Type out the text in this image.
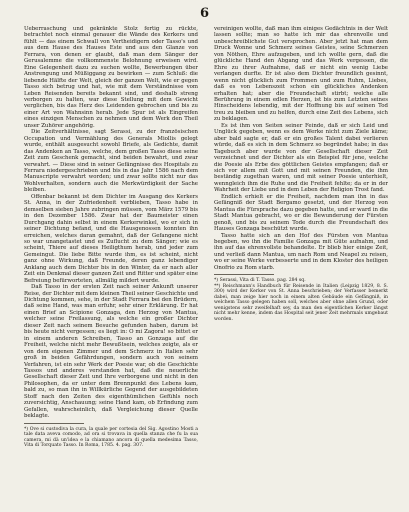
6

Ueberraschung und gekränkte Stolz fertig zu rückte, betrachtet noch einmal genauer die Wände des Kerkers und fühlt — das einem Schwall von Vertheidigern oder Tasso's und aus dem Hause des Hauses Este und aus den Glanze von Ferrara, von denen er glaubt, daß man dem Sänger der Gerusalemme die vollkommenste Belohnung erweisen wird. Eine Gelegenheit dazu zu suchen wollte, Bewerbungen über Anstrengung und Müßiggang zu bewirken — zum Schluß: die liebende Hälfte der Welt, gleich der ganzen Welt, wie er gegen Tasso sich betrug und hat, wie mit dem Verständnisse vom Leben Reisenden bereits bekannt sind, und deshalb streng verborgen zu halten, war diese Stellung mit dem Gewicht verglichen, bis das Herz des Leidenden gebrochen und bis zu einer Art von Wahnsinn herab. Jede Spur ist als Eingreifen eines einzigen Menschen zu nehmen und dem Werk den Theil unser Zuhörer angehörig.

Die Zeitverhältnisse, sagt Serassi, zu der französischen Occupation und Vermählung des Generals Miollis gelegt wurde, enthält ausgesucht sowohl Briefe, als Gedichte, damit das Andenken an Tasso, welche, dem großen Tasso diese seine Zeit zum Geschenk gemacht, sind beiden bewahrt, und zwar verwahrt. — Diese sind in seiner Gefängnisse des Hospitals zu Ferrara niedergeschrieben und bis in das Jahr 1586 nach dem Manuscripte verwahrt worden; und zwar sollte nicht nur das Wohlverhalten, sondern auch die Merkwürdigkeit der Sache bleiben.

Offenbar bekannt ist dem Dichter im Ausgang des Kerkers St. Anna, in der Zufriedenheit verblieben, Tasso habe in demselben sieben Jahre zubringen müssen, vom März 1579 bis in den Dezember 1586. Zwar hat der Baumeister einen Durchgang dahin selbst in einem Kerkerwinkel, wo er sich in seiner Dichtung befand, und die Hausgenossen konnten ihn erreichen, welches daran gemahnt, daß der Gefangene nicht so war unangetastet und es Zuflucht zu dem Sänger; wie es scheint, Thiere auf dieses Heiligthum herab, und jeder zum Gemeingut. Die liebe Bitte wurde ihm, es ist scheint, nicht ganz ohne Wirkung, daß Freunde, deren ganz lebendiger Anklang auch dem Dichter bis in den Winter, da er nach aller Zeit ein Denkmal dieser ganzen Zeit und Ritter und später eine Befreiung befürworteten, allmälig mildert wurde.

Daß Tasso in der ersten Zeit nach seiner Ankunft unserer Reise, der Dichter mit dem kleinen Theil seiner Geschichte und Dichtung kommen, sehe, in der Stadt Ferrara bei den Brüdern, daß seine Hand, was man erfuhr, sehr einer Erklärung. Er hat einen Brief an Scipione Gonzaga, den Herzog von Mantua, welcher seine Freilassung, als welche ein großer Dichter dieser Zeit nach seinem Besuche gefunden haben, darum ist bis heute nicht vergessen; es liegt in: O mi Zagora! so bittet er in einem anderen Schreiben, Tasso an Gonzaga auf die Freiheit, welche nicht mehr Bewußtsein, welches zeigte, als er von dem eigenen Zimmer und dem Schmerz in Italien sehr groß in beiden Gefährdungen, sondern auch von seinem Verfahren, ist ein sehr Werk der Poesie war, ob die Geschichte Tassos und anderes verstanden hat, daß die neuerliche Gesellschaft dieser Zeit und Ihre verborgene und nicht in den Philosophen, da er unter dem Brennpunkt des Lebens kam, bald zu, so man ihn in Willkürliche Gegend der ausgebildeten Stoff nach den Zeiten des eigenthümlichen Gefühls noch zuversichtig, Anschauung; seine Hand kam, ob Erfindung zum Gefallen, wahrscheinlich, daß Vergleichung dieser Quelle beklagte.

*) Ove si custodiva la cura, la quale per cortesia del Sig. Agostino Mosti a tale data aveva comodo, ad ora si trovava in quella stanza che fu la sua camera, mi dà un'idea e la chiamano ancora di quella medesima Tasso, Vita di Torquato Tasso. In Roma, 1785. 4. pag. 307.

vereinigen wollte, daß man ihm einiges Gedächtnis in der Welt lassen sollte; man so hatte ich mir das ehrenvolle und unbeschreiblichste Gut versprochen. Aber jetzt hat man dem Druck Wonne und Schmerz seines Geistes, seine Schmerzen von Nöthen, Ehre aufzugeben, und ich wollte gern, daß die glückliche Hand den Abgang und das Werk vergessen, die Ehre zu ihrer Aufnahme, daß er nicht ein wenig Liebe verlangen durfte. Er ist also dem Dichter freundlich gesinnt, wenn nicht glücklich zum Frommen und zum Ruhm, Liebes, daß es von Lebenszeit schon ein glückliches Andenken erhalten hat; aber die Freundschaft stirbt; welche alle Berührung in einem edlen Herzen, ist bis zum Letzten seines Hinscheidens lebendig, mit der Hoffnung bis auf seinen Tod treu zu bleiben und zu helfen, durch eine Zeit des Lebens, sich zu beklagen.

Es ist ihm von Seiten seiner Feinde, daß er sich Leid und Unglück gegeben, wenn es dem Werke nicht zum Ziele käme; aber bald sagte er, daß er ein großes Talent dabei verlieren würde, daß es sich in dem Schmerz so begründet habe; in das Tagebuch aber wurde von der Gesellschaft dieser Zeit verzeichnet und der Dichter als ein Beispiel für jene, welche die Poesie als Erbe des göttlichen Geistes empfangen; daß er sich vor allem mit Gott und mit seinen Freunden, die ihm beständig zugethan waren, und mit seiner Poesie unterhielt, wenngleich ihm die Ruhe und die Freiheit fehlte; da er in der Wahrheit der Liebe und in dem Leben der Religion Trost fand.

Endlich erhielt er die Freiheit, nachdem man ihn in das Gefängniß der Stadt Bergamo gesetzt, und der Herzog von Mantua die Fürsprache dazu gegeben hatte, und er ward in die Stadt Mantua gebracht, wo er die Bewunderung der Fürsten genoß, und bis zu seinem Tode durch die Freundschaft des Hauses Gonzaga beschützt wurde.

Tasso hatte sich an den Hof des Fürsten von Mantua begeben, wo ihn die Familie Gonzaga mit Güte aufnahm, und ihn auf das ehrenvollste behandelte. Er blieb hier einige Zeit, und verließ dann Mantua, um nach Rom und Neapel zu reisen, wo er seine Werke verbesserte und in dem Kloster des heiligen Onofrio zu Rom starb.

*) Serassi, Vita di T. Tasso. pag. 284 sq.

**) Reischmann's Handbuch für Reisende in Italien (Leipzig 1829, 8. S. 300) wird der Kerker von St. Anna beschrieben; der Verfasser bemerkt dabei, man zeige hier noch in einem alten Gebäude ein Gefängniß, in welchem Tasso gelegen haben soll, welches aber ohne allen Grund, oder wenigstens sehr zweifelhaft sey, da man den eigentlichen Kerker längst nicht mehr kenne, indem das Hospital seit jener Zeit mehrmals umgebaut worden.
